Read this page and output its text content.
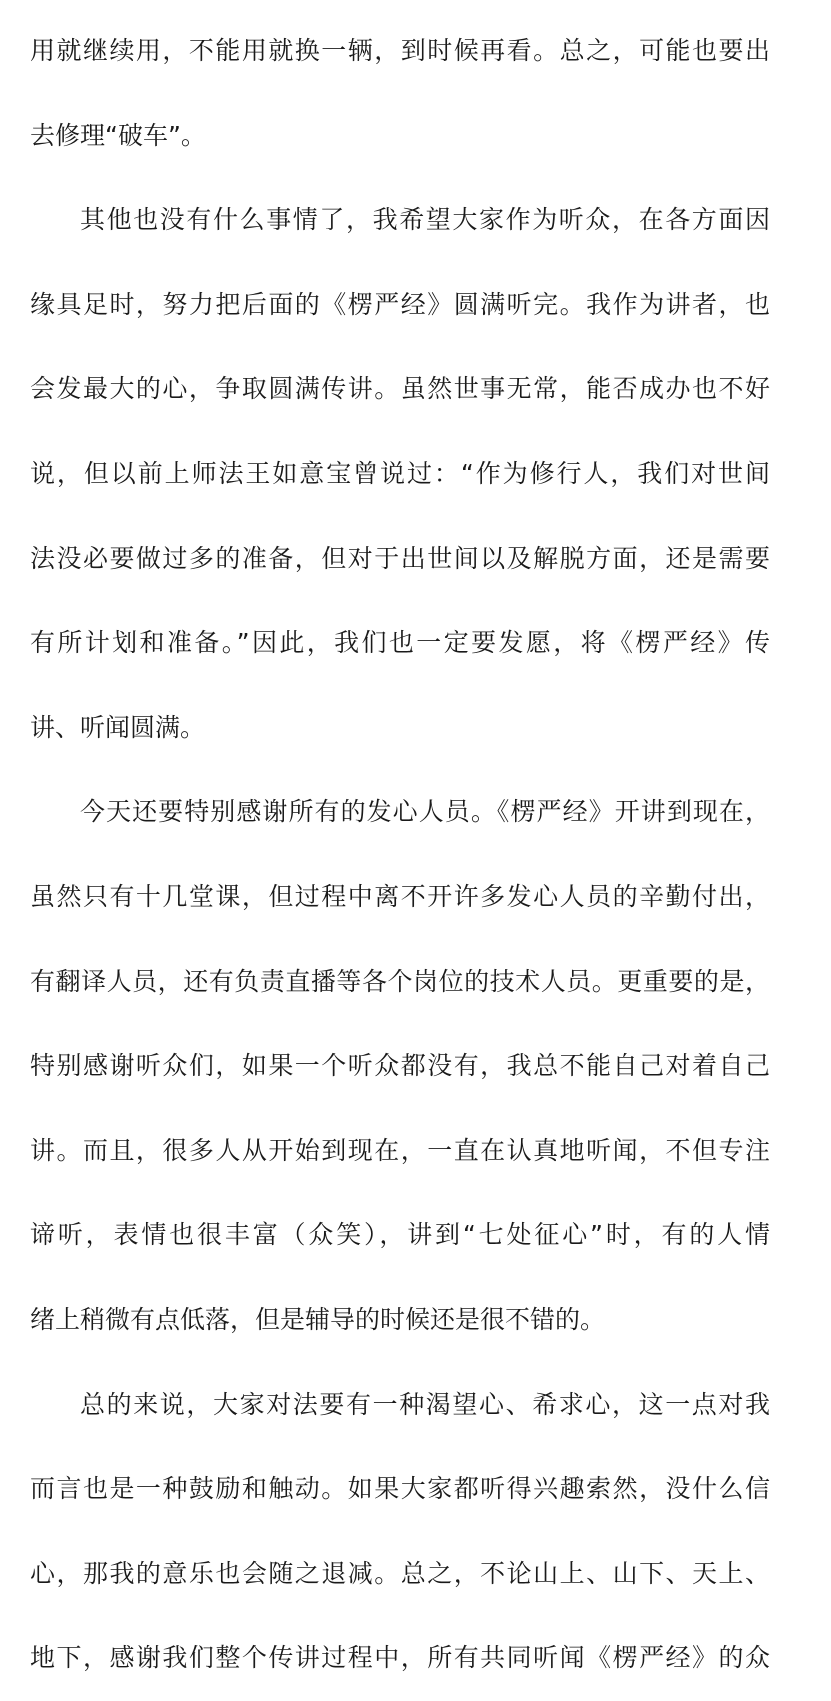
用就继续用，不能用就换一辆，到时候再看。总之，可能也要出
去修理“破车”。
其他也没有什么事情了，我希望大家作为听众，在各方面因
缘具足时，努力把后面的《楞严经》圆满听完。我作为讲者，也
会发最大的心，争取圆满传讲。虽然世事无常，能否成办也不好
说，但以前上师法王如意宝曾说过：“作为修行人，我们对世间
法没必要做过多的准备，但对于出世间以及解脱方面，还是需要
有所计划和准备。”因此，我们也一定要发愿，将《楞严经》传
讲、听闻圆满。
今天还要特别感谢所有的发心人员。《楞严经》开讲到现在，
虽然只有十几堂课，但过程中离不开许多发心人员的辛勤付出，
有翻译人员，还有负责直播等各个岗位的技术人员。更重要的是，
特别感谢听众们，如果一个听众都没有，我总不能自己对着自己
讲。而且，很多人从开始到现在，一直在认真地听闻，不但专注
谛听，表情也很丰富（众笑），讲到“七处征心”时，有的人情
绪上稍微有点低落，但是辅导的时候还是很不错的。
总的来说，大家对法要有一种渴望心、希求心，这一点对我
而言也是一种鼓励和触动。如果大家都听得兴趣索然，没什么信
心，那我的意乐也会随之退减。总之，不论山上、山下、天上、
地下，感谢我们整个传讲过程中，所有共同听闻《楞严经》的众
